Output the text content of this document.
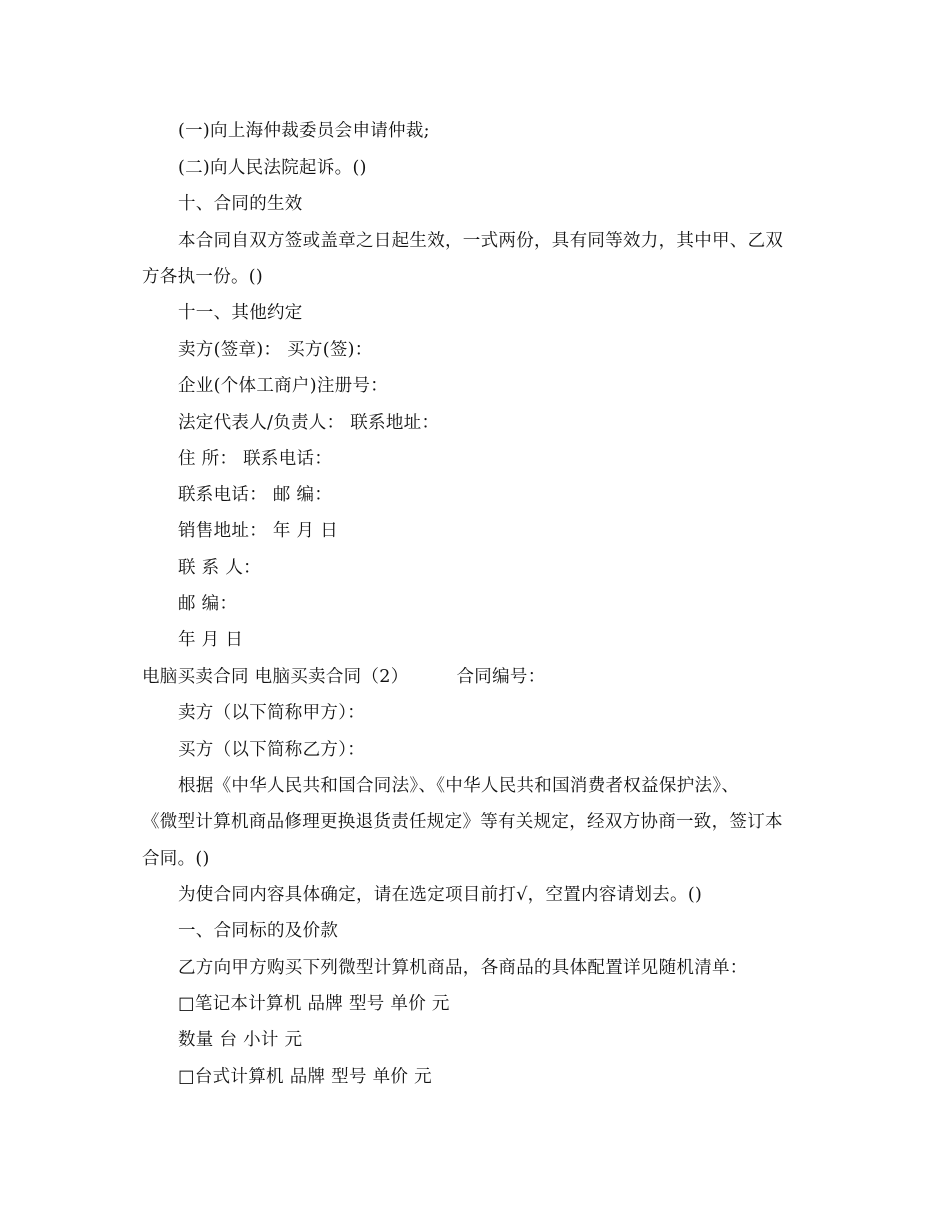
(一)向上海仲裁委员会申请仲裁;
(二)向人民法院起诉。()
十、合同的生效
本合同自双方签或盖章之日起生效，一式两份，具有同等效力，其中甲、乙双
方各执一份。()
十一、其他约定
卖方(签章)： 买方(签)：
企业(个体工商户)注册号：
法定代表人/负责人： 联系地址：
住 所： 联系电话：
联系电话： 邮 编：
销售地址： 年 月 日
联 系 人：
邮 编：
年 月 日
电脑买卖合同 电脑买卖合同（2）	合同编号：
卖方（以下简称甲方）：
买方（以下简称乙方）：
根据《中华人民共和国合同法》、《中华人民共和国消费者权益保护法》、
《微型计算机商品修理更换退货责任规定》等有关规定，经双方协商一致，签订本
合同。()
为使合同内容具体确定，请在选定项目前打√，空置内容请划去。()
一、合同标的及价款
乙方向甲方购买下列微型计算机商品，各商品的具体配置详见随机清单：
□笔记本计算机 品牌 型号 单价 元
数量 台 小计 元
□台式计算机 品牌 型号 单价 元
